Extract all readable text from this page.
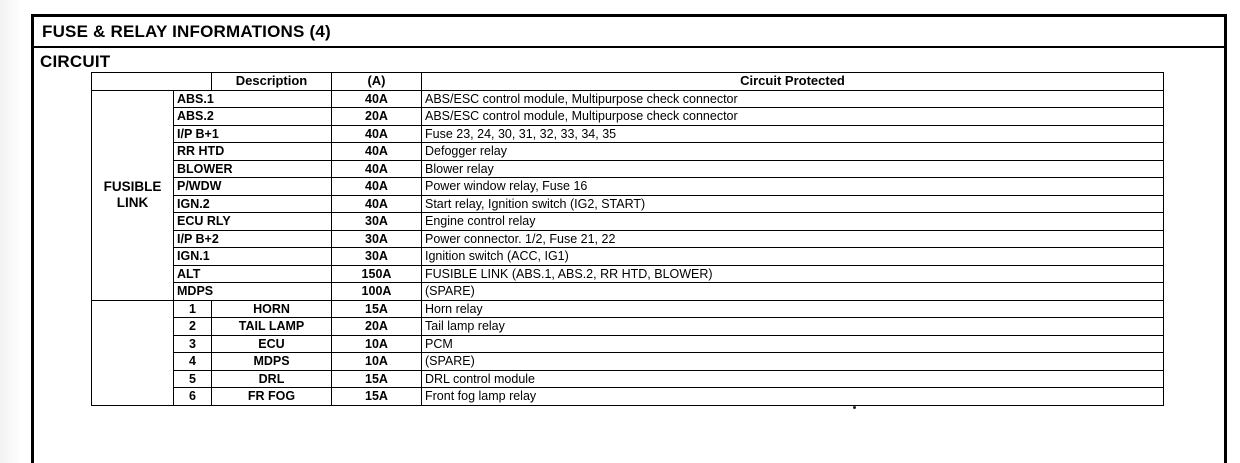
FUSE & RELAY INFORMATIONS (4)
CIRCUIT
		Description	(A)	Circuit Protected

FUSIBLE
LINK	ABS.1		40A	ABS/ESC control module, Multipurpose check connector
	ABS.2		20A	ABS/ESC control module, Multipurpose check connector
	I/P B+1		40A	Fuse 23, 24, 30, 31, 32, 33, 34, 35
	RR HTD		40A	Defogger relay
	BLOWER		40A	Blower relay
	P/WDW		40A	Power window relay, Fuse 16
	IGN.2		40A	Start relay, Ignition switch (IG2, START)
	ECU RLY		30A	Engine control relay
	I/P B+2		30A	Power connector. 1/2, Fuse 21, 22
	IGN.1		30A	Ignition switch (ACC, IG1)
	ALT		150A	FUSIBLE LINK (ABS.1, ABS.2, RR HTD, BLOWER)
	MDPS		100A	(SPARE)
	1	HORN	15A	Horn relay
	2	TAIL LAMP	20A	Tail lamp relay
	3	ECU	10A	PCM
	4	MDPS	10A	(SPARE)
	5	DRL	15A	DRL control module
	6	FR FOG	15A	Front fog lamp relay
